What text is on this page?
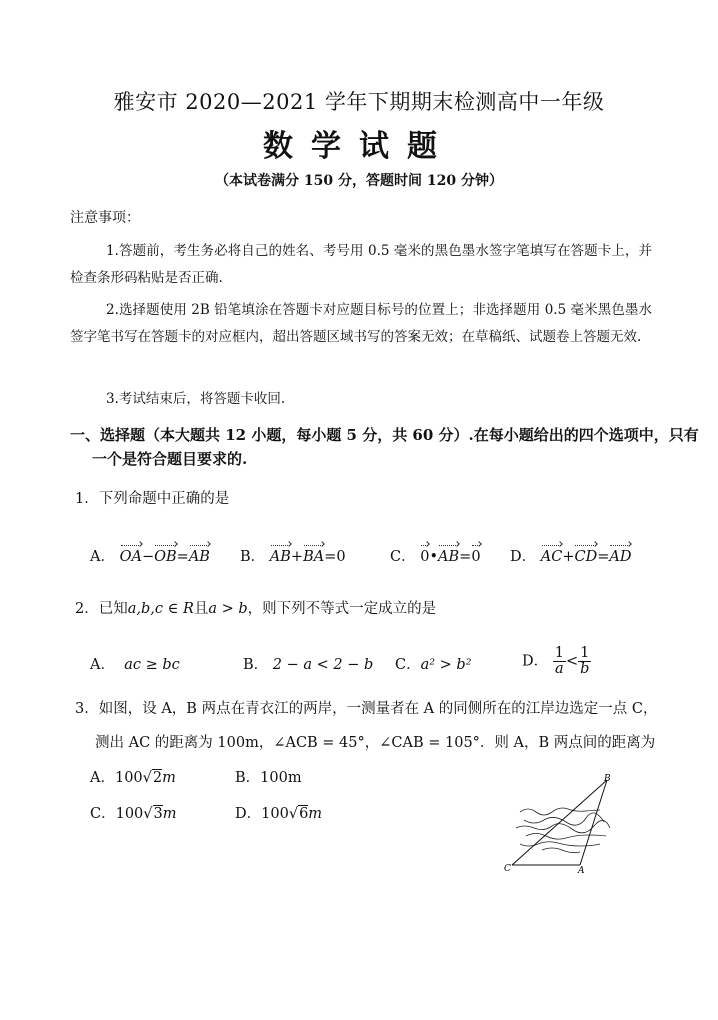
雅安市 2020—2021 学年下期期末检测高中一年级
数学试题
（本试卷满分 150 分，答题时间 120 分钟）
注意事项：
1.答题前，考生务必将自己的姓名、考号用 0.5 毫米的黑色墨水签字笔填写在答题卡上，并检查条形码粘贴是否正确.
2.选择题使用 2B 铅笔填涂在答题卡对应题目标号的位置上；非选择题用 0.5 毫米黑色墨水签字笔书写在答题卡的对应框内，超出答题区域书写的答案无效；在草稿纸、试题卷上答题无效.
3.考试结束后，将答题卡收回.
一、选择题（本大题共 12 小题，每小题 5 分，共 60 分）.在每小题给出的四个选项中，只有
一个是符合题目要求的.
1．下列命题中正确的是
A． OA−OB=AB B． AB+BA=0	C． 0•AB=0 D． AC+CD=AD
2．已知a,b,c ∈ R且a > b，则下列不等式一定成立的是
A． ac ≥ bc	B． 2 − a < 2 − b C．a² > b²	D． $\frac{1}{a} < \frac{1}{b}$
3．如图，设 A，B 两点在青衣江的两岸，一测量者在 A 的同侧所在的江岸边选定一点 C，
测出 AC 的距离为 100m，∠ACB = 45°，∠CAB = 105°．则 A，B 两点间的距离为
A．100√2m	B．100m
C．100√3m	D．100√6m
B
C	A
